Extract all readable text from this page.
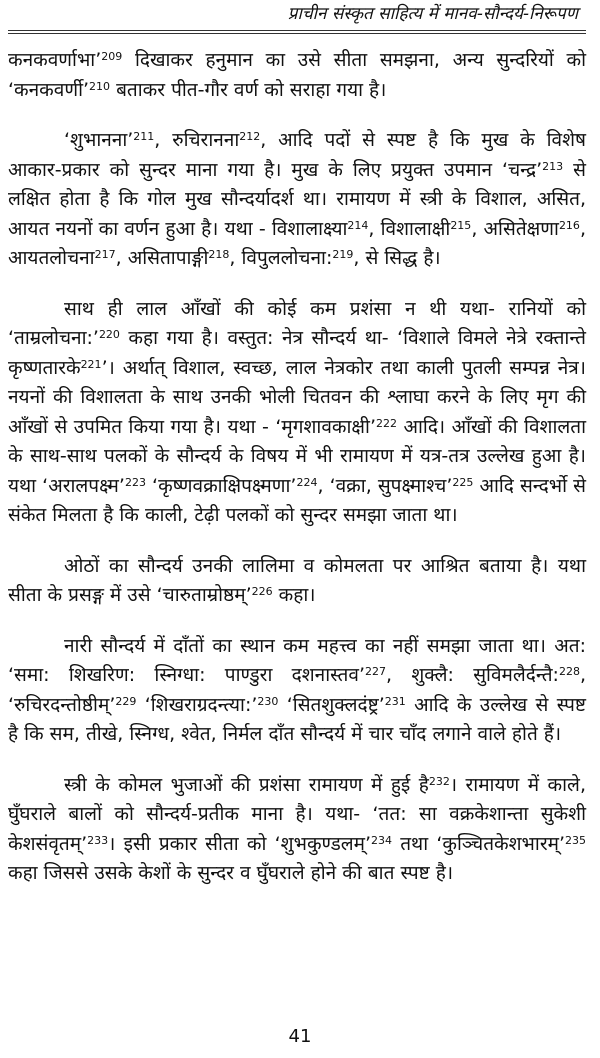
प्राचीन संस्कृत साहित्य में मानव-सौन्दर्य-निरूपण

कनकवर्णाभा’$^{209}$ दिखाकर हनुमान का उसे सीता समझना, अन्य सुन्दरियों को ‘कनकवर्णी’$^{210}$ बताकर पीत-गौर वर्ण को सराहा गया है।

‘शुभानना’$^{211}$, रुचिरानना$^{212}$, आदि पदों से स्पष्ट है कि मुख के विशेष आकार-प्रकार को सुन्दर माना गया है। मुख के लिए प्रयुक्त उपमान ‘चन्द्र’$^{213}$ से लक्षित होता है कि गोल मुख सौन्दर्यादर्श था। रामायण में स्त्री के विशाल, असित, आयत नयनों का वर्णन हुआ है। यथा - विशालाक्ष्या$^{214}$, विशालाक्षी$^{215}$, असितेक्षणा$^{216}$, आयतलोचना$^{217}$, असितापाङ्गी$^{218}$, विपुललोचना:$^{219}$, से सिद्ध है।

साथ ही लाल आँखों की कोई कम प्रशंसा न थी यथा- रानियों को ‘ताम्रलोचना:’$^{220}$ कहा गया है। वस्तुत: नेत्र सौन्दर्य था- ‘विशाले विमले नेत्रे रक्तान्ते कृष्णतारके$^{221}$’। अर्थात् विशाल, स्वच्छ, लाल नेत्रकोर तथा काली पुतली सम्पन्न नेत्र। नयनों की विशालता के साथ उनकी भोली चितवन की श्लाघा करने के लिए मृग की आँखों से उपमित किया गया है। यथा - ‘मृगशावकाक्षी’$^{222}$ आदि। आँखों की विशालता के साथ-साथ पलकों के सौन्दर्य के विषय में भी रामायण में यत्र-तत्र उल्लेख हुआ है। यथा ‘अरालपक्ष्म’$^{223}$ ‘कृष्णवक्राक्षिपक्ष्मणा’$^{224}$, ‘वक्रा, सुपक्ष्माश्च’$^{225}$ आदि सन्दर्भो से संकेत मिलता है कि काली, टेढ़ी पलकों को सुन्दर समझा जाता था।

ओठों का सौन्दर्य उनकी लालिमा व कोमलता पर आश्रित बताया है। यथा सीता के प्रसङ्ग में उसे ‘चारुताम्रोष्ठम्’$^{226}$ कहा।

नारी सौन्दर्य में दाँतों का स्थान कम महत्त्व का नहीं समझा जाता था। अत: ‘समा: शिखरिण: स्निग्धा: पाण्डुरा दशनास्तव’$^{227}$, शुक्लै: सुविमलैर्दन्तै:$^{228}$, ‘रुचिरदन्तोष्ठीम्’$^{229}$ ‘शिखराग्रदन्त्या:’$^{230}$ ‘सितशुक्लदंष्ट्र’$^{231}$ आदि के उल्लेख से स्पष्ट है कि सम, तीखे, स्निग्ध, श्वेत, निर्मल दाँत सौन्दर्य में चार चाँद लगाने वाले होते हैं।

स्त्री के कोमल भुजाओं की प्रशंसा रामायण में हुई है$^{232}$। रामायण में काले, घुँघराले बालों को सौन्दर्य-प्रतीक माना है। यथा- ‘तत: सा वक्रकेशान्ता सुकेशी केशसंवृतम्’$^{233}$। इसी प्रकार सीता को ‘शुभकुण्डलम्’$^{234}$ तथा ‘कुञ्चितकेशभारम्’$^{235}$ कहा जिससे उसके केशों के सुन्दर व घुँघराले होने की बात स्पष्ट है।

41
